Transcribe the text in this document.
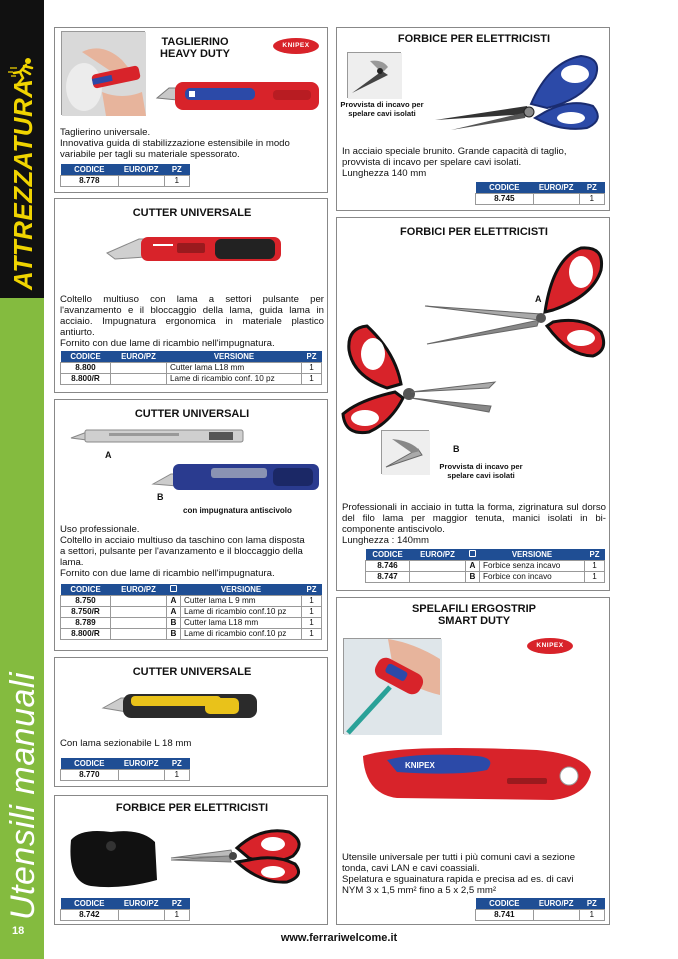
ATTREZZATURA
Utensili manuali
18
TAGLIERINO
HEAVY DUTY
KNIPEX
Taglierino universale.
Innovativa guida di stabilizzazione estensibile in modo
variabile per tagli su materiale spessorato.
CODICE	EURO/PZ	PZ
8.778		1
CUTTER UNIVERSALE
Coltello multiuso con lama a settori pulsante per l'avanzamento e il bloccaggio della lama, guida lama in acciaio. Impugnatura ergonomica in materiale plastico antiurto.
Fornito con due lame di ricambio nell'impugnatura.
CODICE	EURO/PZ	VERSIONE	PZ
8.800		Cutter lama L18 mm	1
8.800/R		Lame di ricambio conf. 10 pz	1
CUTTER UNIVERSALI
A
B
con impugnatura antiscivolo
Uso professionale.
Coltello in acciaio multiuso da taschino con lama disposta
a settori, pulsante per l'avanzamento e il bloccaggio della
lama.
Fornito con due lame di ricambio nell'impugnatura.
CODICE	EURO/PZ		VERSIONE	PZ
8.750		A	Cutter lama L 9 mm	1
8.750/R		A	Lame di ricambio conf.10 pz	1
8.789		B	Cutter lama L18 mm	1
8.800/R		B	Lame di ricambio conf.10 pz	1
CUTTER UNIVERSALE
Con lama sezionabile L 18 mm
CODICE	EURO/PZ	PZ
8.770		1
FORBICE PER ELETTRICISTI
CODICE	EURO/PZ	PZ
8.742		1
FORBICE PER ELETTRICISTI
Provvista di incavo per
spelare cavi isolati
In acciaio speciale brunito. Grande capacità di taglio,
provvista di incavo per spelare cavi isolati.
Lunghezza 140 mm
CODICE	EURO/PZ	PZ
8.745		1
FORBICI PER ELETTRICISTI
A
B
Provvista di incavo per
spelare cavi isolati
Professionali in acciaio in tutta la forma, zigrinatura sul dorso del filo lama per maggior tenuta, manici isolati in bi-componente antiscivolo.
Lunghezza : 140mm
CODICE	EURO/PZ		VERSIONE	PZ
8.746		A	Forbice senza incavo	1
8.747		B	Forbice con incavo	1
SPELAFILI ERGOSTRIP
SMART DUTY
KNIPEX
KNIPEX
Utensile universale per tutti i più comuni cavi a sezione
tonda, cavi LAN e cavi coassiali.
Spelatura e sguainatura rapida e precisa ad es. di cavi
NYM 3 x 1,5 mm² fino a 5 x 2,5 mm²
CODICE	EURO/PZ	PZ
8.741		1
www.ferrariwelcome.it
